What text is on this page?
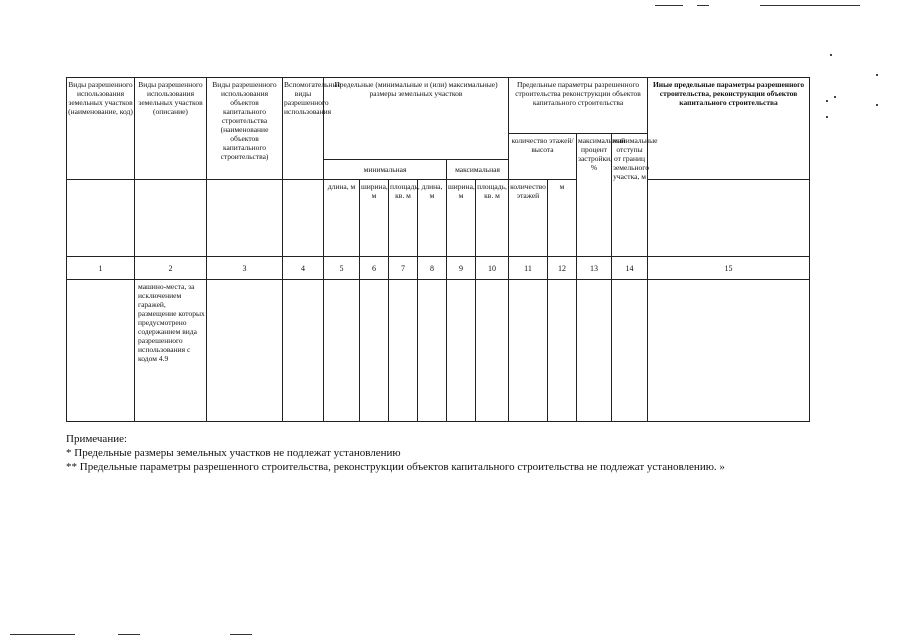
Виды разрешенного использования земельных участков (наименование, код)	Виды разрешенного использования земельных участков (описание)	Виды разрешенного использования объектов капитального строительства (наименование объектов капитального строительства)	Вспомогательные виды разрешенного использования	Предельные (минимальные и (или) максимальные) размеры земельных участков						Предельные параметры разрешенного строительства реконструкции объектов капитального строительства				Иные предельные параметры разрешенного строительства, реконструкции объектов капитального строительства
										количество этажей/высота		максимальный процент застройки, %	минимальные отступы от границ земельного участка, м	
				минимальная				максимальная						
				длина, м	ширина, м	площадь, кв. м	длина, м	ширина, м	площадь, кв. м	количество этажей	м			
1	2	3	4	5	6	7	8	9	10	11	12	13	14	15
	машино-места, за исключением гаражей, размещение которых предусмотрено содержанием вида разрешенного использования с кодом 4.9													
Примечание:
* Предельные размеры земельных участков не подлежат установлению
** Предельные параметры разрешенного строительства, реконструкции объектов капитального строительства не подлежат установлению. »
